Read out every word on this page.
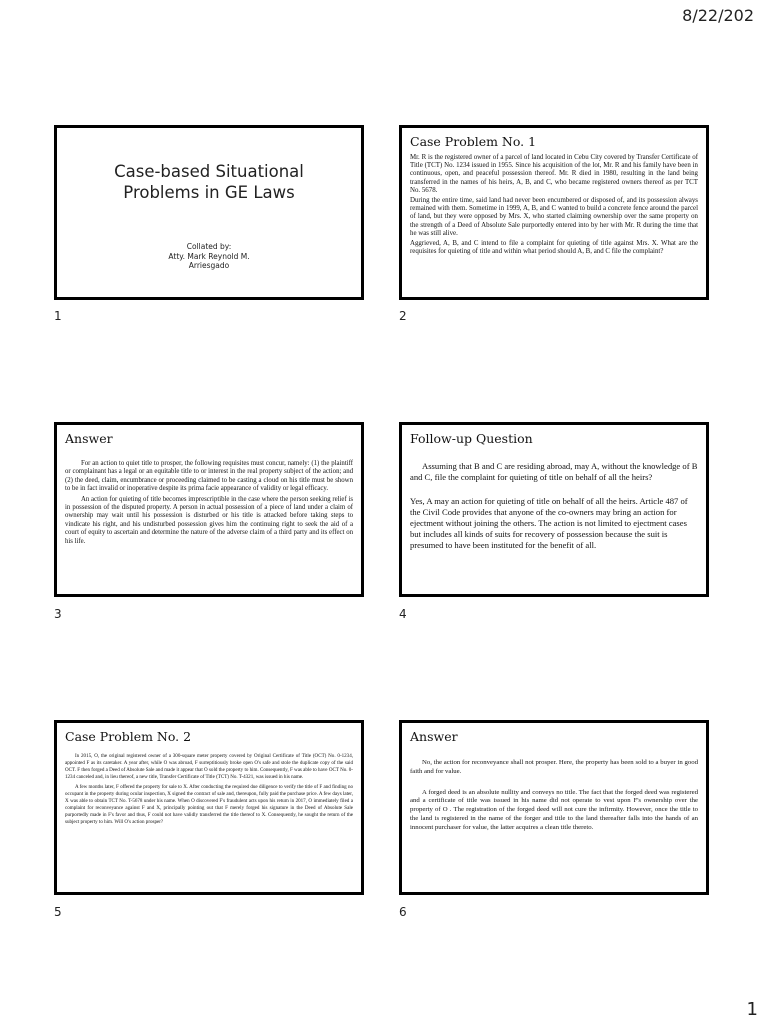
8/22/202
Case-based Situational Problems in GE Laws
Collated by:
Atty. Mark Reynold M.
Arriesgado
1
Case Problem No. 1

Mr. R is the registered owner of a parcel of land located in Cebu City covered by Transfer Certificate of Title (TCT) No. 1234 issued in 1955. Since his acquisition of the lot, Mr. R and his family have been in continuous, open, and peaceful possession thereof. Mr. R died in 1980, resulting in the land being transferred in the names of his heirs, A, B, and C, who became registered owners thereof as per TCT No. 5678.

During the entire time, said land had never been encumbered or disposed of, and its possession always remained with them. Sometime in 1999, A, B, and C wanted to build a concrete fence around the parcel of land, but they were opposed by Mrs. X, who started claiming ownership over the same property on the strength of a Deed of Absolute Sale purportedly entered into by her with Mr. R during the time that he was still alive.

Aggrieved, A, B, and C intend to file a complaint for quieting of title against Mrs. X. What are the requisites for quieting of title and within what period should A, B, and C file the complaint?

2
Answer

For an action to quiet title to prosper, the following requisites must concur, namely: (1) the plaintiff or complainant has a legal or an equitable title to or interest in the real property subject of the action; and (2) the deed, claim, encumbrance or proceeding claimed to be casting a cloud on his title must be shown to be in fact invalid or inoperative despite its prima facie appearance of validity or legal efficacy.

An action for quieting of title becomes imprescriptible in the case where the person seeking relief is in possession of the disputed property. A person in actual possession of a piece of land under a claim of ownership may wait until his possession is disturbed or his title is attacked before taking steps to vindicate his right, and his undisturbed possession gives him the continuing right to seek the aid of a court of equity to ascertain and determine the nature of the adverse claim of a third party and its effect on his life.

3
Follow-up Question

Assuming that B and C are residing abroad, may A, without the knowledge of B and C, file the complaint for quieting of title on behalf of all the heirs?

Yes, A may an action for quieting of title on behalf of all the heirs. Article 487 of the Civil Code provides that anyone of the co-owners may bring an action for ejectment without joining the others. The action is not limited to ejectment cases but includes all kinds of suits for recovery of possession because the suit is presumed to have been instituted for the benefit of all.

4
Case Problem No. 2

In 2015, O, the original registered owner of a 300-square meter property covered by Original Certificate of Title (OCT) No. 0-1234, appointed F as its caretaker. A year after, while O was abroad, F surreptitiously broke open O's safe and stole the duplicate copy of the said OCT. F then forged a Deed of Absolute Sale and made it appear that O sold the property to him. Consequently, F was able to have OCT No. 0-1234 canceled and, in lieu thereof, a new title, Transfer Certificate of Title (TCT) No. T-4321, was issued in his name.

A few months later, F offered the property for sale to X. After conducting the required due diligence to verify the title of F and finding no occupant in the property during ocular inspection, X signed the contract of sale and, thereupon, fully paid the purchase price. A few days later, X was able to obtain TCT No. T-5678 under his name. When O discovered F's fraudulent acts upon his return in 2017, O immediately filed a complaint for reconveyance against F and X, principally pointing out that F merely forged his signature in the Deed of Absolute Sale purportedly made in F's favor and thus, F could not have validly transferred the title thereof to X. Consequently, he sought the return of the subject property to him. Will O's action prosper?

5
Answer

No, the action for reconveyance shall not prosper. Here, the property has been sold to a buyer in good faith and for value.

A forged deed is an absolute nullity and conveys no title. The fact that the forged deed was registered and a certificate of title was issued in his name did not operate to vest upon F's ownership over the property of O . The registration of the forged deed will not cure the infirmity. However, once the title to the land is registered in the name of the forger and title to the land thereafter falls into the hands of an innocent purchaser for value, the latter acquires a clean title thereto.

6
1
